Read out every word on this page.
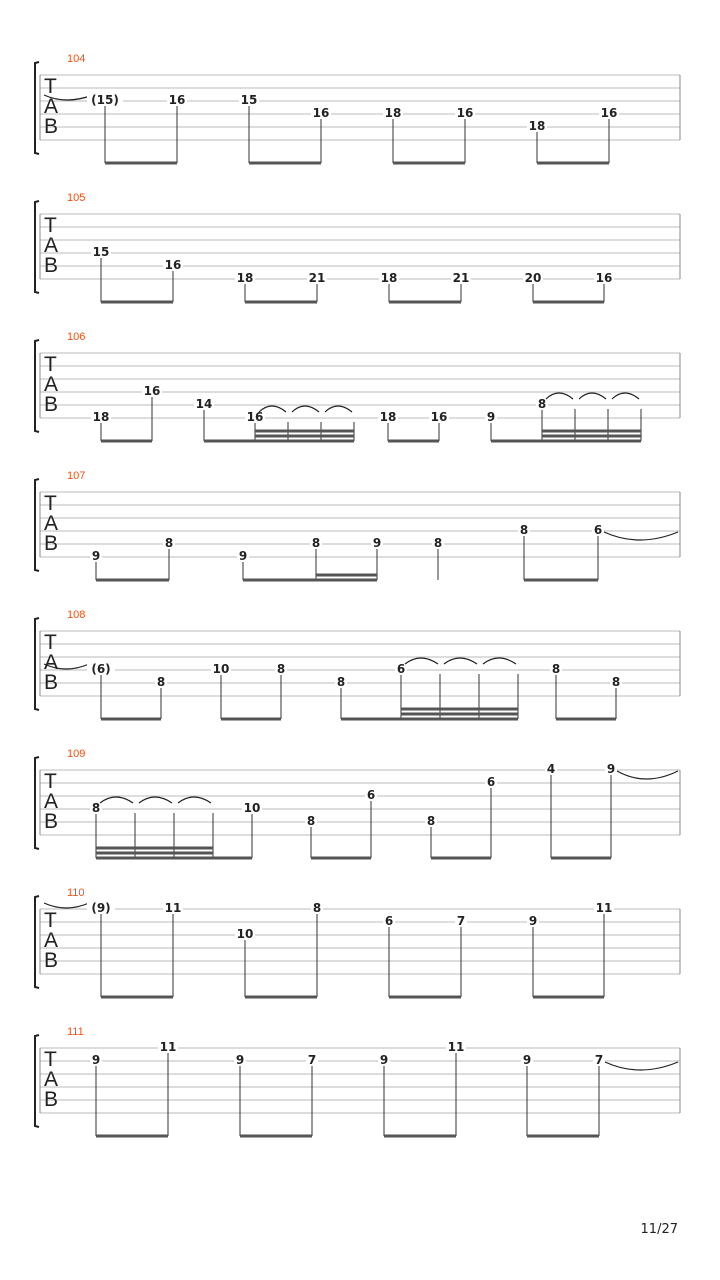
104
T
A
B
(15)	16	15
16	18	16
18
16
105
T
A
B
15
16
18	21	18	21	20	16
106
T
A
B
18
16
14
16	18	16	9
8
107
T
A
B
9
8
9
8	9	8
8	6
108
T
A
B
(6)
8
10	8
8
6	8
8
109
T
A
B
8	10
8
6
8
6
4	9
110
T
A
B
(9)	11
10
8
6	7	9
11
111
T
A
B
9
11
9	7	9
11
9	7
11/27
